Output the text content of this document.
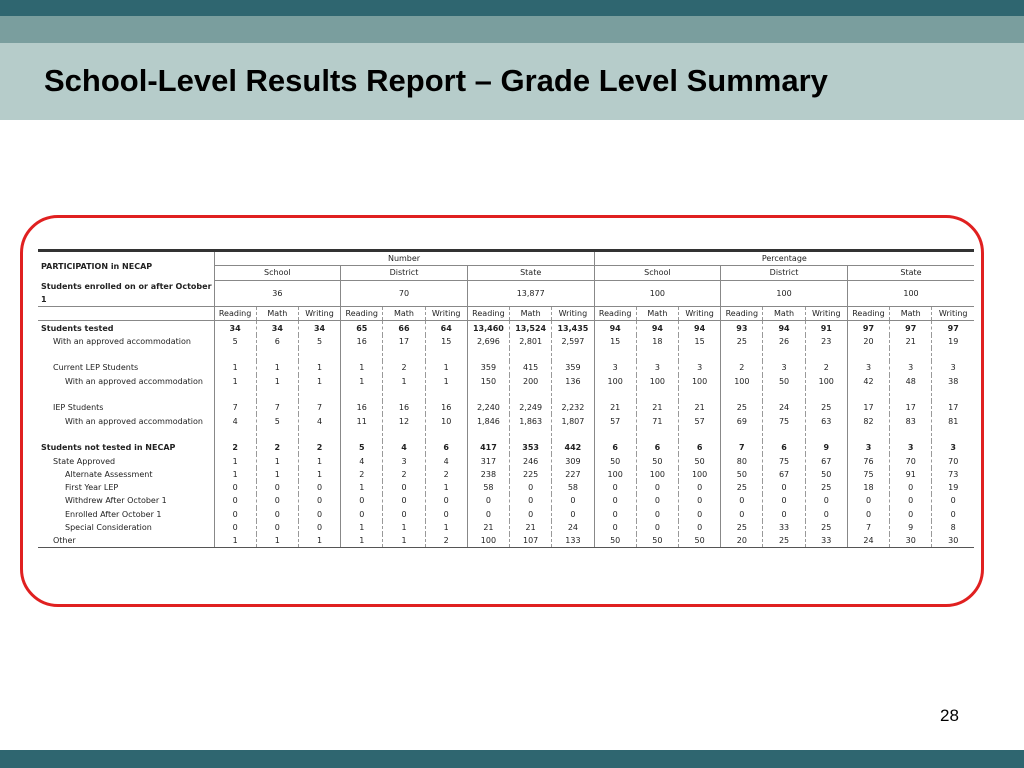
School-Level Results Report – Grade Level Summary
PARTICIPATION in NECAP	Number									Percentage								
	School			District			State			School			District			State		
Students enrolled on or after October 1	36			70			13,877			100			100			100		
	Reading	Math	Writing	Reading	Math	Writing	Reading	Math	Writing	Reading	Math	Writing	Reading	Math	Writing	Reading	Math	Writing
Students tested	34	34	34	65	66	64	13,460	13,524	13,435	94	94	94	93	94	91	97	97	97
With an approved accommodation	5	6	5	16	17	15	2,696	2,801	2,597	15	18	15	25	26	23	20	21	19

Current LEP Students	1	1	1	1	2	1	359	415	359	3	3	3	2	3	2	3	3	3
With an approved accommodation	1	1	1	1	1	1	150	200	136	100	100	100	100	50	100	42	48	38

IEP Students	7	7	7	16	16	16	2,240	2,249	2,232	21	21	21	25	24	25	17	17	17
With an approved accommodation	4	5	4	11	12	10	1,846	1,863	1,807	57	71	57	69	75	63	82	83	81

Students not tested in NECAP	2	2	2	5	4	6	417	353	442	6	6	6	7	6	9	3	3	3
State Approved	1	1	1	4	3	4	317	246	309	50	50	50	80	75	67	76	70	70
Alternate Assessment	1	1	1	2	2	2	238	225	227	100	100	100	50	67	50	75	91	73
First Year LEP	0	0	0	1	0	1	58	0	58	0	0	0	25	0	25	18	0	19
Withdrew After October 1	0	0	0	0	0	0	0	0	0	0	0	0	0	0	0	0	0	0
Enrolled After October 1	0	0	0	0	0	0	0	0	0	0	0	0	0	0	0	0	0	0
Special Consideration	0	0	0	1	1	1	21	21	24	0	0	0	25	33	25	7	9	8
Other	1	1	1	1	1	2	100	107	133	50	50	50	20	25	33	24	30	30
28
